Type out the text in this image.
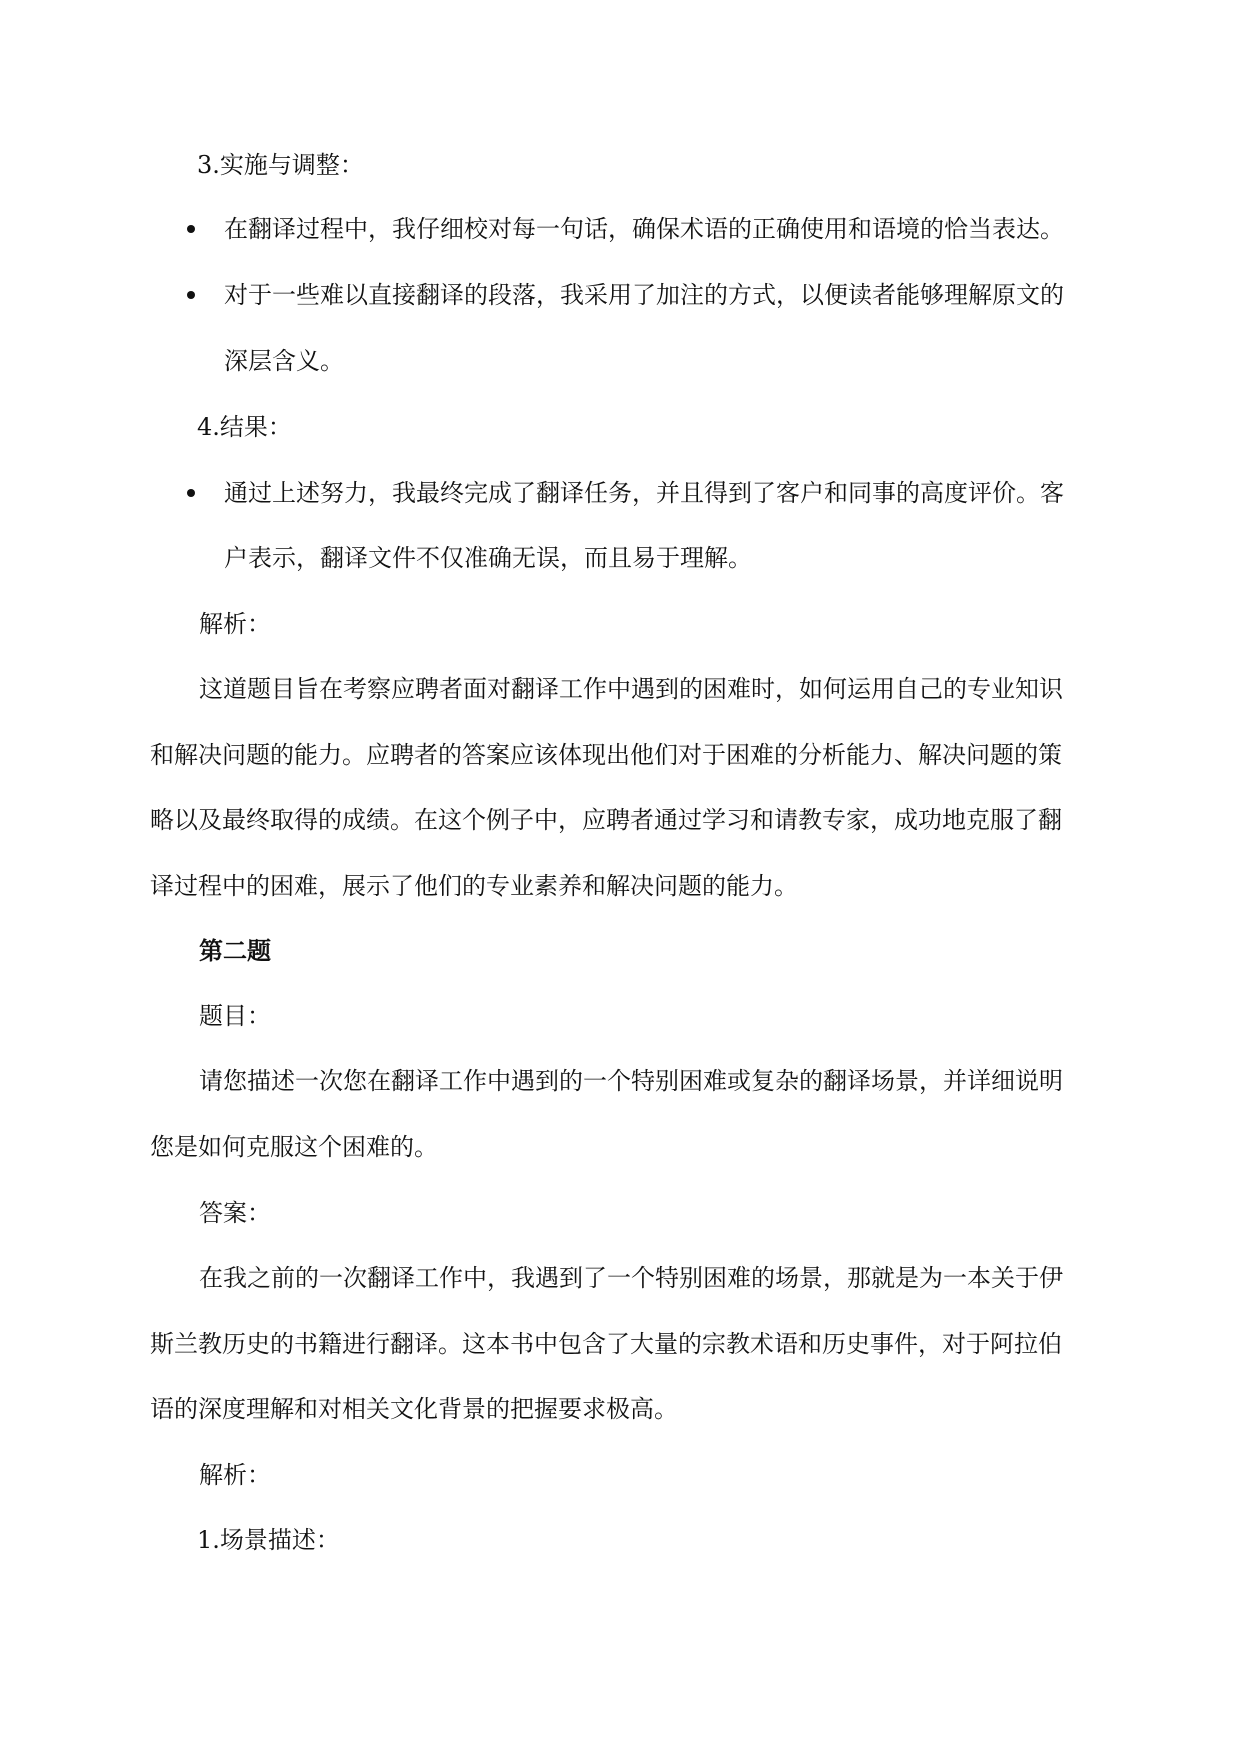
3.实施与调整：
在翻译过程中，我仔细校对每一句话，确保术语的正确使用和语境的恰当表达。
对于一些难以直接翻译的段落，我采用了加注的方式，以便读者能够理解原文的
深层含义。
4.结果：
通过上述努力，我最终完成了翻译任务，并且得到了客户和同事的高度评价。客
户表示，翻译文件不仅准确无误，而且易于理解。
解析：
这道题目旨在考察应聘者面对翻译工作中遇到的困难时，如何运用自己的专业知识
和解决问题的能力。应聘者的答案应该体现出他们对于困难的分析能力、解决问题的策
略以及最终取得的成绩。在这个例子中，应聘者通过学习和请教专家，成功地克服了翻
译过程中的困难，展示了他们的专业素养和解决问题的能力。
第二题
题目：
请您描述一次您在翻译工作中遇到的一个特别困难或复杂的翻译场景，并详细说明
您是如何克服这个困难的。
答案：
在我之前的一次翻译工作中，我遇到了一个特别困难的场景，那就是为一本关于伊
斯兰教历史的书籍进行翻译。这本书中包含了大量的宗教术语和历史事件，对于阿拉伯
语的深度理解和对相关文化背景的把握要求极高。
解析：
1.场景描述：
